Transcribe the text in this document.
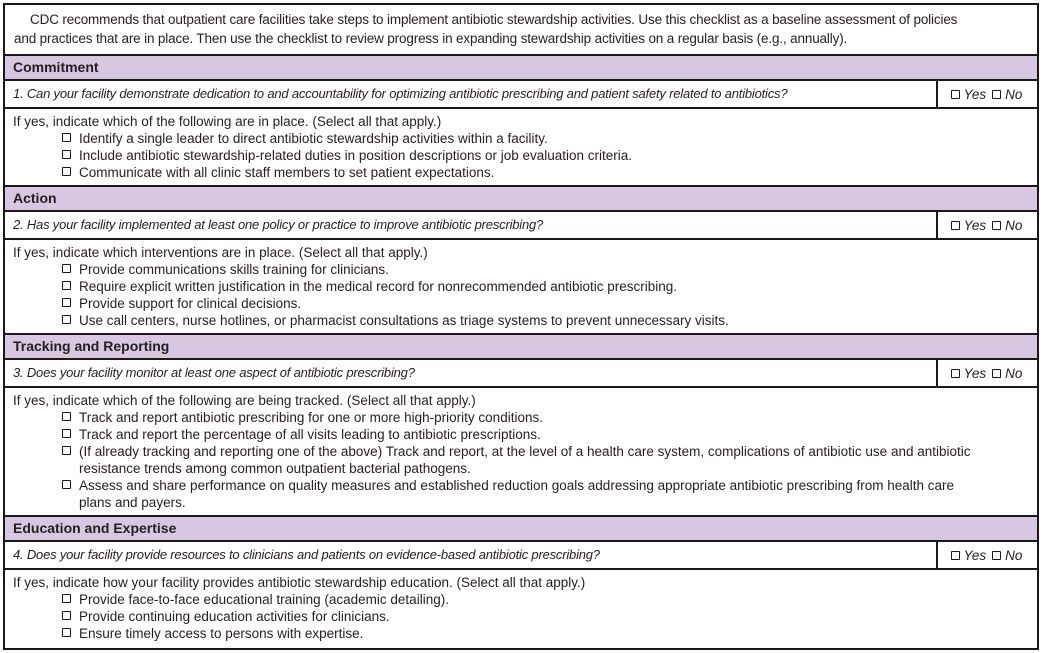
CDC recommends that outpatient care facilities take steps to implement antibiotic stewardship activities. Use this checklist as a baseline assessment of policies
and practices that are in place. Then use the checklist to review progress in expanding stewardship activities on a regular basis (e.g., annually).
Commitment
1. Can your facility demonstrate dedication to and accountability for optimizing antibiotic prescribing and patient safety related to antibiotics?	Yes No
If yes, indicate which of the following are in place. (Select all that apply.)
Identify a single leader to direct antibiotic stewardship activities within a facility.
Include antibiotic stewardship-related duties in position descriptions or job evaluation criteria.
Communicate with all clinic staff members to set patient expectations.
Action
2. Has your facility implemented at least one policy or practice to improve antibiotic prescribing?	Yes No
If yes, indicate which interventions are in place. (Select all that apply.)
Provide communications skills training for clinicians.
Require explicit written justification in the medical record for nonrecommended antibiotic prescribing.
Provide support for clinical decisions.
Use call centers, nurse hotlines, or pharmacist consultations as triage systems to prevent unnecessary visits.
Tracking and Reporting
3. Does your facility monitor at least one aspect of antibiotic prescribing?	Yes No
If yes, indicate which of the following are being tracked. (Select all that apply.)
Track and report antibiotic prescribing for one or more high-priority conditions.
Track and report the percentage of all visits leading to antibiotic prescriptions.
(If already tracking and reporting one of the above) Track and report, at the level of a health care system, complications of antibiotic use and antibiotic resistance trends among common outpatient bacterial pathogens.
Assess and share performance on quality measures and established reduction goals addressing appropriate antibiotic prescribing from health care plans and payers.
Education and Expertise
4. Does your facility provide resources to clinicians and patients on evidence-based antibiotic prescribing?	Yes No
If yes, indicate how your facility provides antibiotic stewardship education. (Select all that apply.)
Provide face-to-face educational training (academic detailing).
Provide continuing education activities for clinicians.
Ensure timely access to persons with expertise.
